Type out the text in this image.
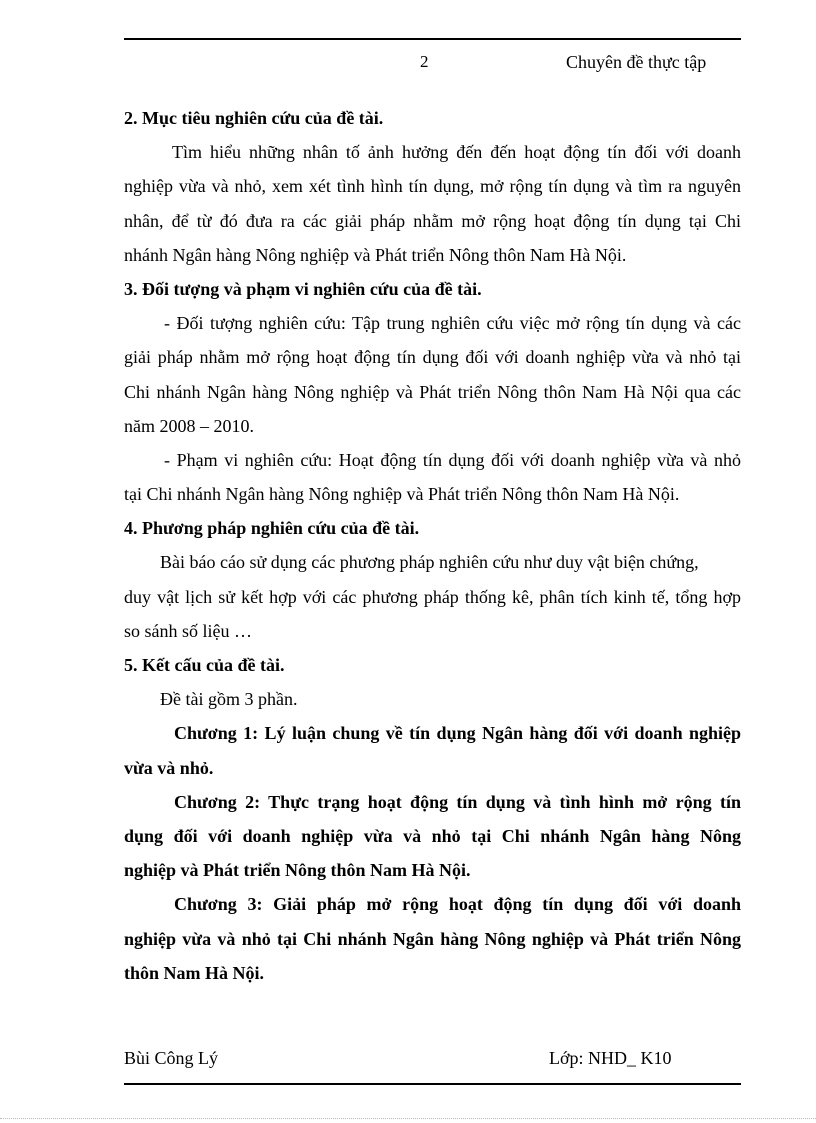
2	Chuyên đề thực tập
2. Mục tiêu nghiên cứu của đề tài.
Tìm hiểu những nhân tố ảnh hưởng đến đến hoạt động tín đối với doanh
nghiệp vừa và nhỏ, xem xét tình hình tín dụng, mở rộng tín dụng và tìm ra nguyên
nhân, để từ đó đưa ra các giải pháp nhằm mở rộng hoạt động tín dụng tại Chi
nhánh Ngân hàng Nông nghiệp và Phát triển Nông thôn Nam Hà Nội.
3. Đối tượng và phạm vi nghiên cứu của đề tài.
- Đối tượng nghiên cứu: Tập trung nghiên cứu việc mở rộng tín dụng và các
giải pháp nhằm mở rộng hoạt động tín dụng đối với doanh nghiệp vừa và nhỏ tại
Chi nhánh Ngân hàng Nông nghiệp và Phát triển Nông thôn Nam Hà Nội qua các
năm 2008 – 2010.
- Phạm vi nghiên cứu: Hoạt động tín dụng đối với doanh nghiệp vừa và nhỏ
tại Chi nhánh Ngân hàng Nông nghiệp và Phát triển Nông thôn Nam Hà Nội.
4. Phương pháp nghiên cứu của đề tài.
Bài báo cáo sử dụng các phương pháp nghiên cứu như duy vật biện chứng,
duy vật lịch sử kết hợp với các phương pháp thống kê, phân tích kinh tế, tổng hợp
so sánh số liệu …
5. Kết cấu của đề tài.
Đề tài gồm 3 phần.
Chương 1: Lý luận chung về tín dụng Ngân hàng đối với doanh nghiệp
vừa và nhỏ.
Chương 2: Thực trạng hoạt động tín dụng và tình hình mở rộng tín
dụng đối với doanh nghiệp vừa và nhỏ tại Chi nhánh Ngân hàng Nông
nghiệp và Phát triển Nông thôn Nam Hà Nội.
Chương 3: Giải pháp mở rộng hoạt động tín dụng đối với doanh
nghiệp vừa và nhỏ tại Chi nhánh Ngân hàng Nông nghiệp và Phát triển Nông
thôn Nam Hà Nội.
Bùi Công Lý	Lớp: NHD_ K10
